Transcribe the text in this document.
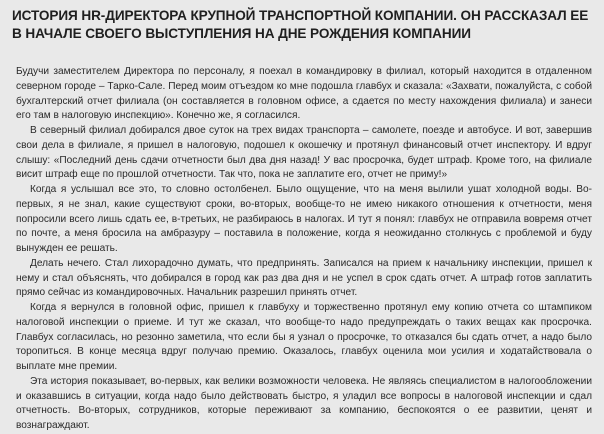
ИСТОРИЯ HR-ДИРЕКТОРА КРУПНОЙ ТРАНСПОРТНОЙ КОМПАНИИ. ОН РАССКАЗАЛ ЕЕ В НАЧАЛЕ СВОЕГО ВЫСТУПЛЕНИЯ НА ДНЕ РОЖДЕНИЯ КОМПАНИИ

Будучи заместителем Директора по персоналу, я поехал в командировку в филиал, который находится в отдаленном северном городе – Тарко-Сале. Перед моим отъездом ко мне подошла главбух и сказала: «Захвати, пожалуйста, с собой бухгалтерский отчет филиала (он составляется в головном офисе, а сдается по месту нахождения филиала) и занеси его там в налоговую инспекцию». Конечно же, я согласился.

В северный филиал добирался двое суток на трех видах транспорта – самолете, поезде и автобусе. И вот, завершив свои дела в филиале, я пришел в налоговую, подошел к окошечку и протянул финансовый отчет инспектору. И вдруг слышу: «Последний день сдачи отчетности был два дня назад! У вас просрочка, будет штраф. Кроме того, на филиале висит штраф еще по прошлой отчетности. Так что, пока не заплатите его, отчет не приму!»

Когда я услышал все это, то словно остолбенел. Было ощущение, что на меня вылили ушат холодной воды. Во-первых, я не знал, какие существуют сроки, во-вторых, вообще-то не имею никакого отношения к отчетности, меня попросили всего лишь сдать ее, в-третьих, не разбираюсь в налогах. И тут я понял: главбух не отправила вовремя отчет по почте, а меня бросила на амбразуру – поставила в положение, когда я неожиданно столкнусь с проблемой и буду вынужден ее решать.

Делать нечего. Стал лихорадочно думать, что предпринять. Записался на прием к начальнику инспекции, пришел к нему и стал объяснять, что добирался в город как раз два дня и не успел в срок сдать отчет. А штраф готов заплатить прямо сейчас из командировочных. Начальник разрешил принять отчет.

Когда я вернулся в головной офис, пришел к главбуху и торжественно протянул ему копию отчета со штампиком налоговой инспекции о приеме. И тут же сказал, что вообще-то надо предупреждать о таких вещах как просрочка. Главбух согласилась, но резонно заметила, что если бы я узнал о просрочке, то отказался бы сдать отчет, а надо было торопиться. В конце месяца вдруг получаю премию. Оказалось, главбух оценила мои усилия и ходатайствовала о выплате мне премии.

Эта история показывает, во-первых, как велики возможности человека. Не являясь специалистом в налогообложении и оказавшись в ситуации, когда надо было действовать быстро, я уладил все вопросы в налоговой инспекции и сдал отчетность. Во-вторых, сотрудников, которые переживают за компанию, беспокоятся о ее развитии, ценят и вознаграждают.
